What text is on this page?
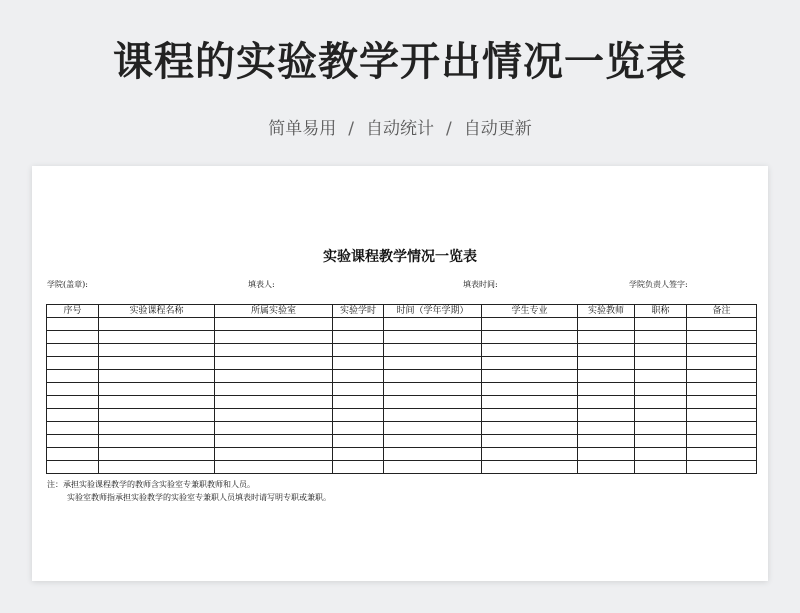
课程的实验教学开出情况一览表
简单易用 / 自动统计 / 自动更新
实验课程教学情况一览表
学院(盖章):	填表人:	填表时间:	学院负责人签字:
序号	实验课程名称	所属实验室	实验学时	时间（学年学期）	学生专业	实验教师	职称	备注

注：承担实验课程教学的教师含实验室专兼职教师和人员。
实验室教师指承担实验教学的实验室专兼职人员填表时请写明专职或兼职。
